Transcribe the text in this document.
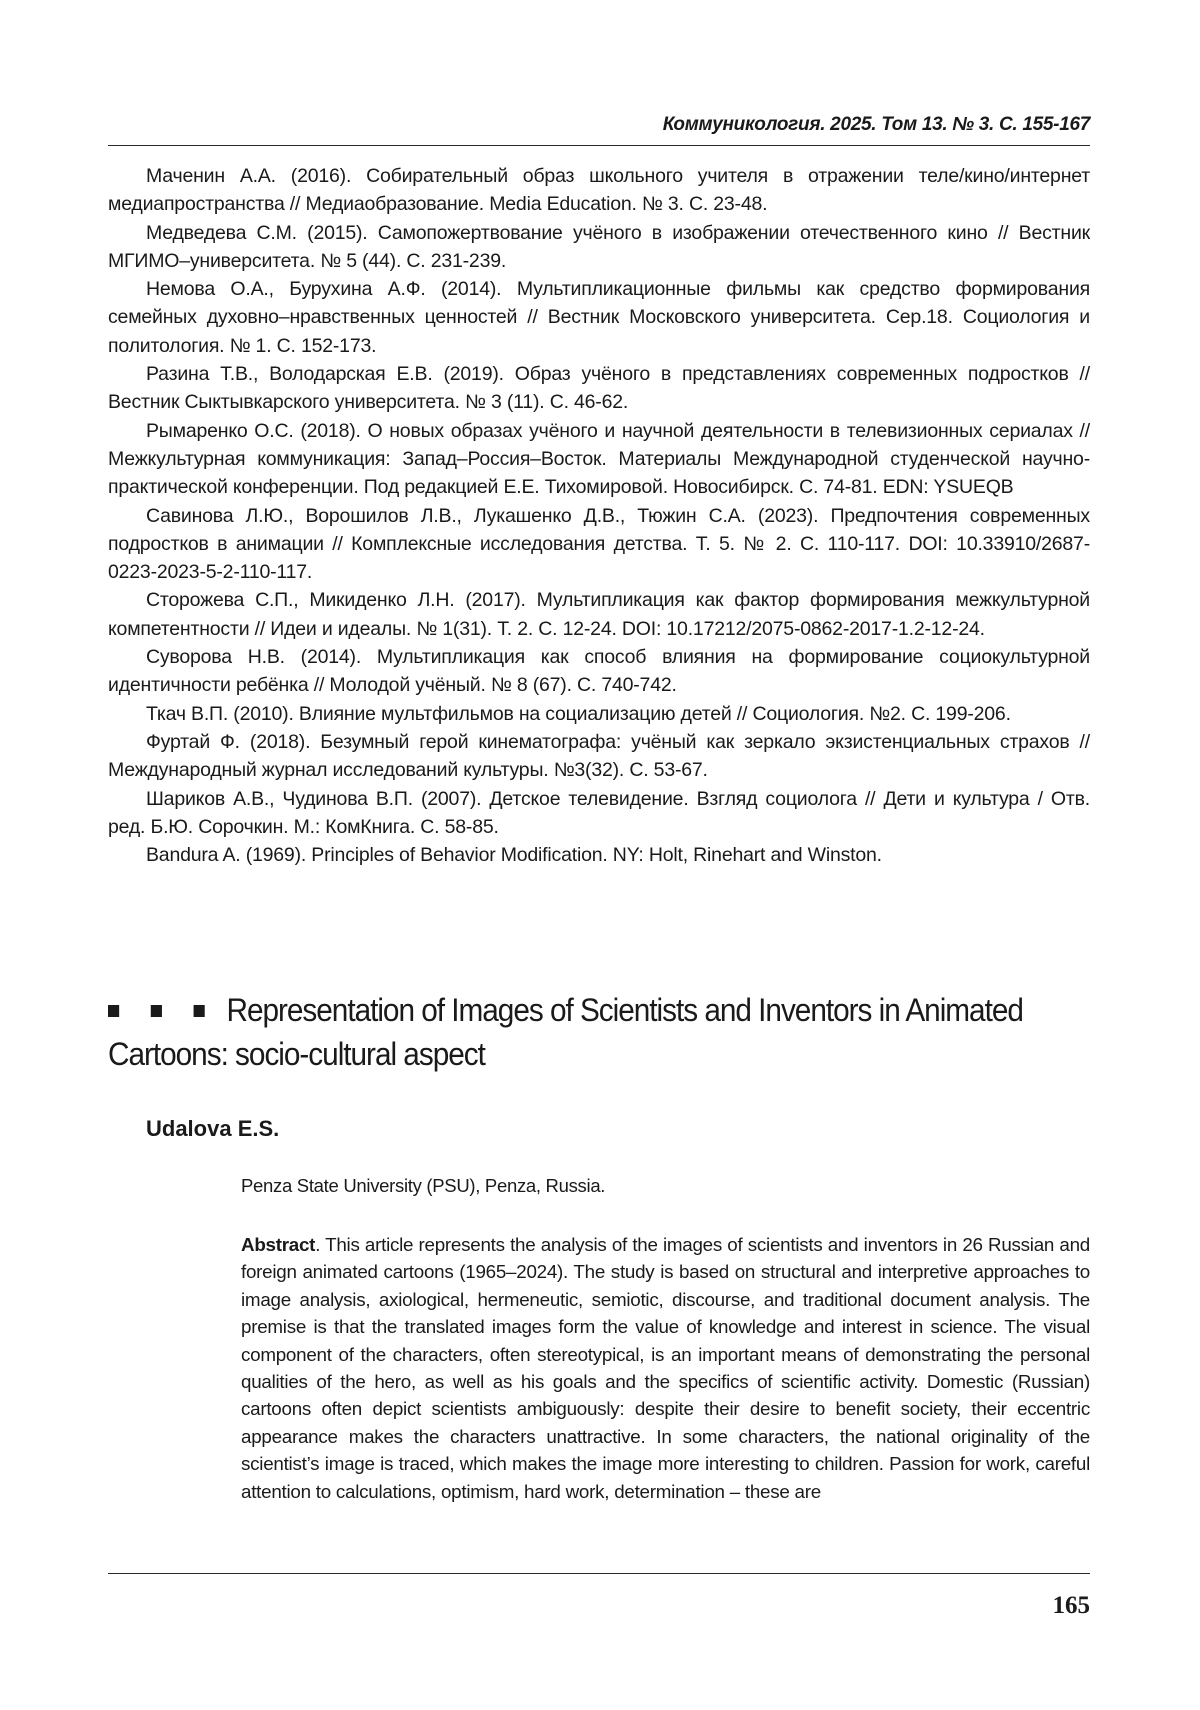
Коммуникология. 2025. Том 13. № 3. С. 155-167

Маченин А.А. (2016). Собирательный образ школьного учителя в отражении теле/кино/интернет медиапространства // Медиаобразование. Media Education. № 3. С. 23-48.

Медведева С.М. (2015). Самопожертвование учёного в изображении отечественного кино // Вестник МГИМО–университета. № 5 (44). С. 231-239.

Немова О.А., Бурухина А.Ф. (2014). Мультипликационные фильмы как средство формирования семейных духовно–нравственных ценностей // Вестник Московского университета. Сер.18. Социология и политология. № 1. С. 152-173.

Разина Т.В., Володарская Е.В. (2019). Образ учёного в представлениях современных подростков // Вестник Сыктывкарского университета. № 3 (11). С. 46-62.

Рымаренко О.С. (2018). О новых образах учёного и научной деятельности в телевизионных сериалах // Межкультурная коммуникация: Запад–Россия–Восток. Материалы Международной студенческой научно-практической конференции. Под редакцией Е.Е. Тихомировой. Новосибирск. С. 74-81. EDN: YSUEQB

Савинова Л.Ю., Ворошилов Л.В., Лукашенко Д.В., Тюжин С.А. (2023). Предпочтения современных подростков в анимации // Комплексные исследования детства. Т. 5. № 2. С. 110-117. DOI: 10.33910/2687-0223-2023-5-2-110-117.

Сторожева С.П., Микиденко Л.Н. (2017). Мультипликация как фактор формирования межкультурной компетентности // Идеи и идеалы. № 1(31). Т. 2. С. 12-24. DOI: 10.17212/2075-0862-2017-1.2-12-24.

Суворова Н.В. (2014). Мультипликация как способ влияния на формирование социокультурной идентичности ребёнка // Молодой учёный. № 8 (67). С. 740-742.

Ткач В.П. (2010). Влияние мультфильмов на социализацию детей // Социология. №2. С. 199-206.

Фуртай Ф. (2018). Безумный герой кинематографа: учёный как зеркало экзистенциальных страхов // Международный журнал исследований культуры. №3(32). С. 53-67.

Шариков А.В., Чудинова В.П. (2007). Детское телевидение. Взгляд социолога // Дети и культура / Отв. ред. Б.Ю. Сорочкин. М.: КомКнига. С. 58-85.

Bandura A. (1969). Principles of Behavior Modification. NY: Holt, Rinehart and Winston.

Representation of Images of Scientists and Inventors in Animated Cartoons: socio-cultural aspect
Udalova E.S.
Penza State University (PSU), Penza, Russia.

Abstract. This article represents the analysis of the images of scientists and inventors in 26 Russian and foreign animated cartoons (1965–2024). The study is based on structural and interpretive approaches to image analysis, axiological, hermeneutic, semiotic, discourse, and traditional document analysis. The premise is that the translated images form the value of knowledge and interest in science. The visual component of the characters, often stereotypical, is an important means of demonstrating the personal qualities of the hero, as well as his goals and the specifics of scientific activity. Domestic (Russian) cartoons often depict scientists ambiguously: despite their desire to benefit society, their eccentric appearance makes the characters unattractive. In some characters, the national originality of the scientist’s image is traced, which makes the image more interesting to children. Passion for work, careful attention to calculations, optimism, hard work, determination – these are

165
